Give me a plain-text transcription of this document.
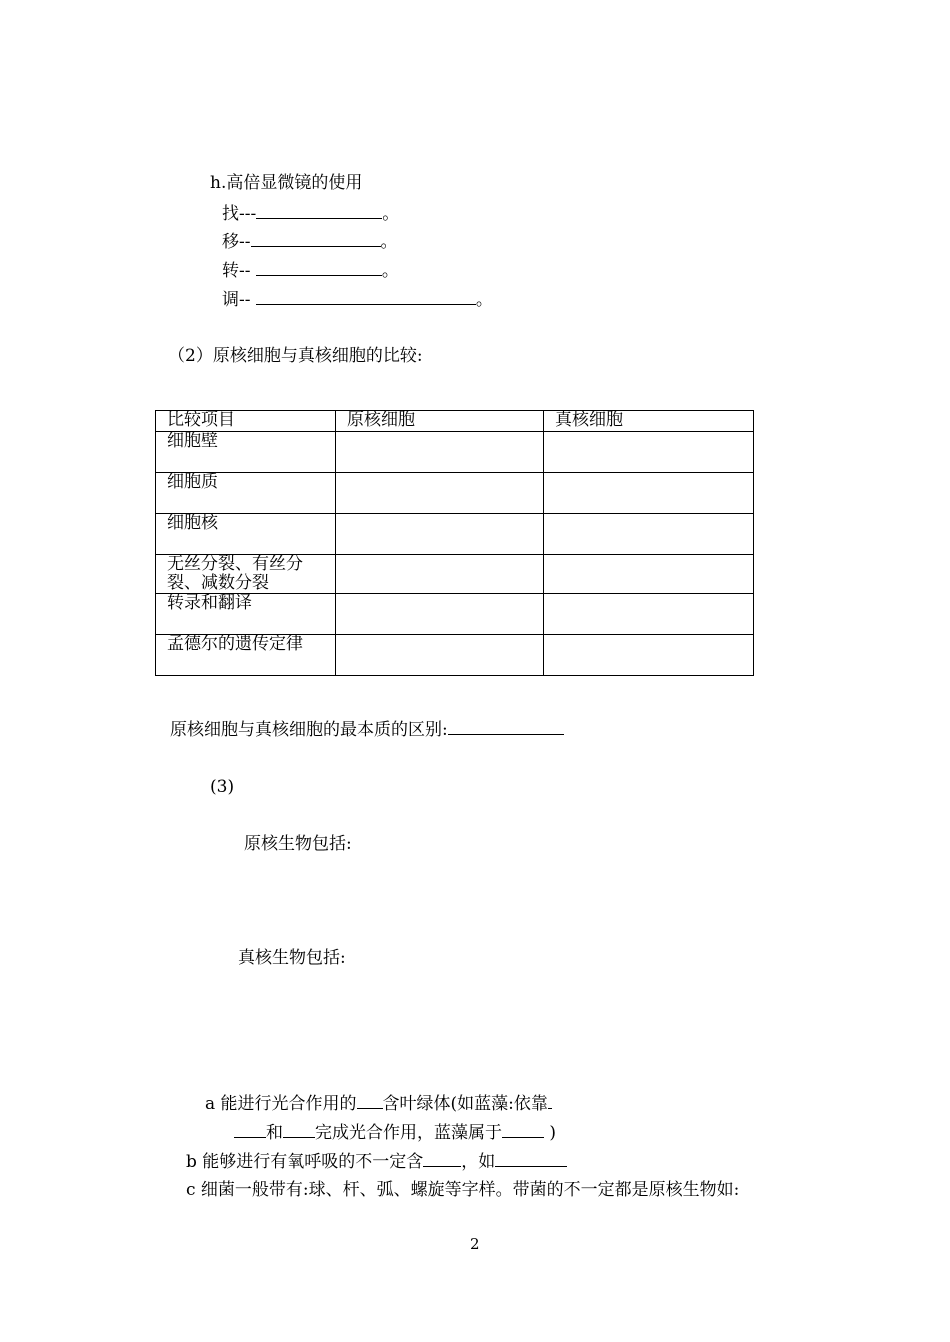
h.高倍显微镜的使用
找---	。
移--	。
转--	。
调--	。
（2）原核细胞与真核细胞的比较:
比较项目	原核细胞	真核细胞
细胞壁		
细胞质		
细胞核		
无丝分裂、有丝分裂、减数分裂		
转录和翻译		
孟德尔的遗传定律		
原核细胞与真核细胞的最本质的区别:
(3)
原核生物包括:
真核生物包括:
a 能进行光合作用的 含叶绿体(如蓝藻:依靠
和 完成光合作用，蓝藻属于 )
b 能够进行有氧呼吸的不一定含 ，如
c 细菌一般带有:球、杆、弧、螺旋等字样。带菌的不一定都是原核生物如:
2
